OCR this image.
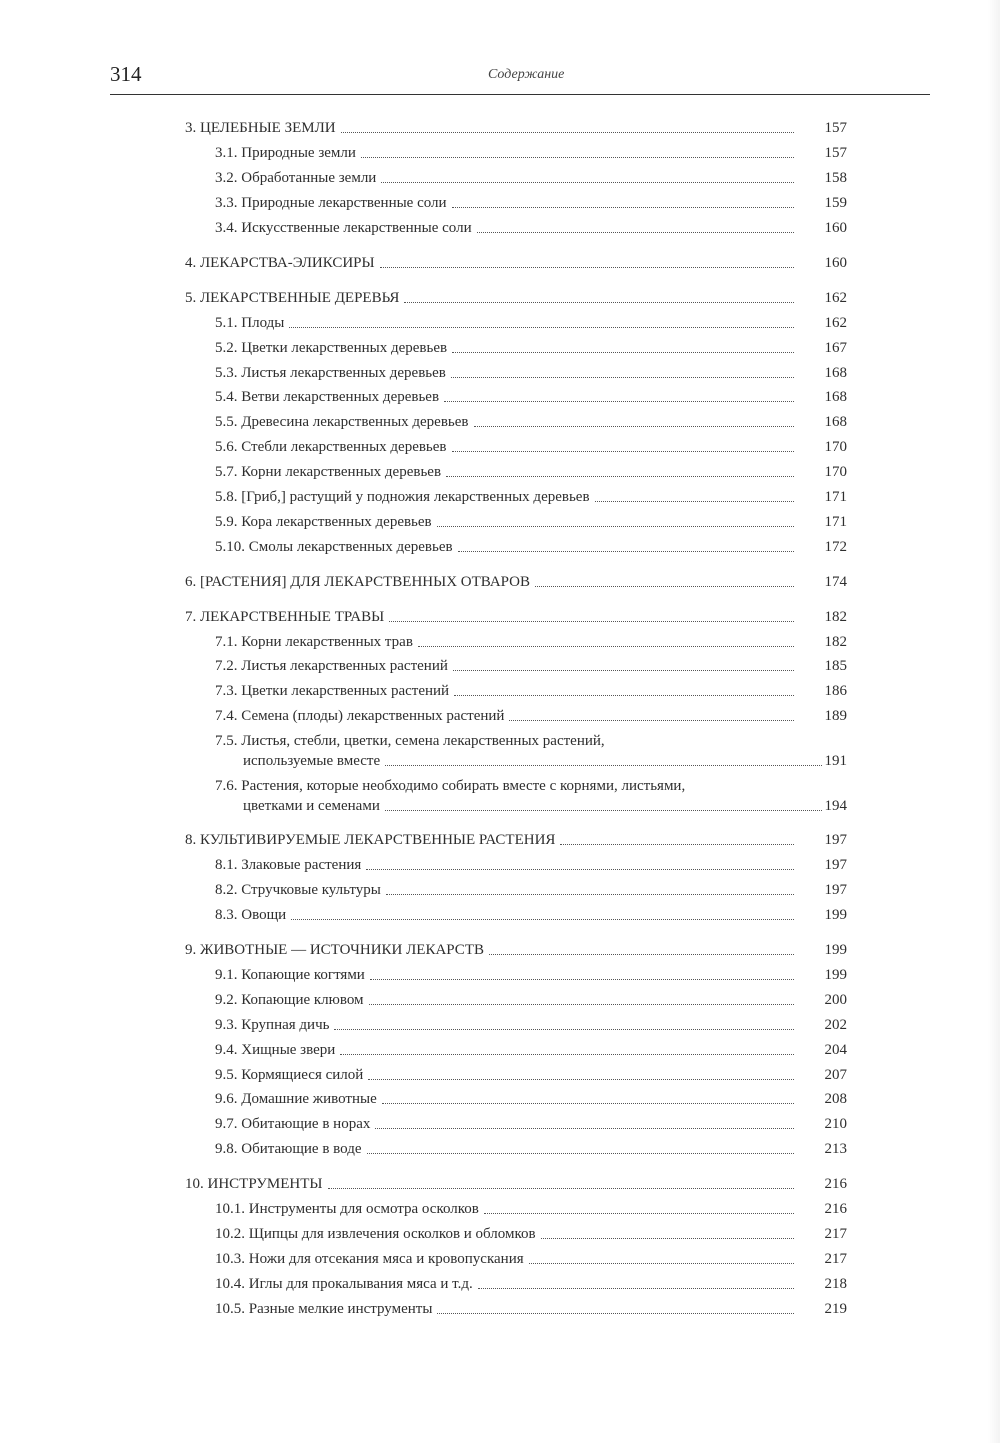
314	Содержание
3. ЦЕЛЕБНЫЕ ЗЕМЛИ	157
3.1. Природные земли	157
3.2. Обработанные земли	158
3.3. Природные лекарственные соли	159
3.4. Искусственные лекарственные соли	160
4. ЛЕКАРСТВА-ЭЛИКСИРЫ	160
5. ЛЕКАРСТВЕННЫЕ ДЕРЕВЬЯ	162
5.1. Плоды	162
5.2. Цветки лекарственных деревьев	167
5.3. Листья лекарственных деревьев	168
5.4. Ветви лекарственных деревьев	168
5.5. Древесина лекарственных деревьев	168
5.6. Стебли лекарственных деревьев	170
5.7. Корни лекарственных деревьев	170
5.8. [Гриб,] растущий у подножия лекарственных деревьев	171
5.9. Кора лекарственных деревьев	171
5.10. Смолы лекарственных деревьев	172
6. [РАСТЕНИЯ] ДЛЯ ЛЕКАРСТВЕННЫХ ОТВАРОВ	174
7. ЛЕКАРСТВЕННЫЕ ТРАВЫ	182
7.1. Корни лекарственных трав	182
7.2. Листья лекарственных растений	185
7.3. Цветки лекарственных растений	186
7.4. Семена (плоды) лекарственных растений	189
7.5. Листья, стебли, цветки, семена лекарственных растений,
используемые вместе	191
7.6. Растения, которые необходимо собирать вместе с корнями, листьями,
цветками и семенами	194
8. КУЛЬТИВИРУЕМЫЕ ЛЕКАРСТВЕННЫЕ РАСТЕНИЯ	197
8.1. Злаковые растения	197
8.2. Стручковые культуры	197
8.3. Овощи	199
9. ЖИВОТНЫЕ — ИСТОЧНИКИ ЛЕКАРСТВ	199
9.1. Копающие когтями	199
9.2. Копающие клювом	200
9.3. Крупная дичь	202
9.4. Хищные звери	204
9.5. Кормящиеся силой	207
9.6. Домашние животные	208
9.7. Обитающие в норах	210
9.8. Обитающие в воде	213
10. ИНСТРУМЕНТЫ	216
10.1. Инструменты для осмотра осколков	216
10.2. Щипцы для извлечения осколков и обломков	217
10.3. Ножи для отсекания мяса и кровопускания	217
10.4. Иглы для прокалывания мяса и т.д.	218
10.5. Разные мелкие инструменты	219
